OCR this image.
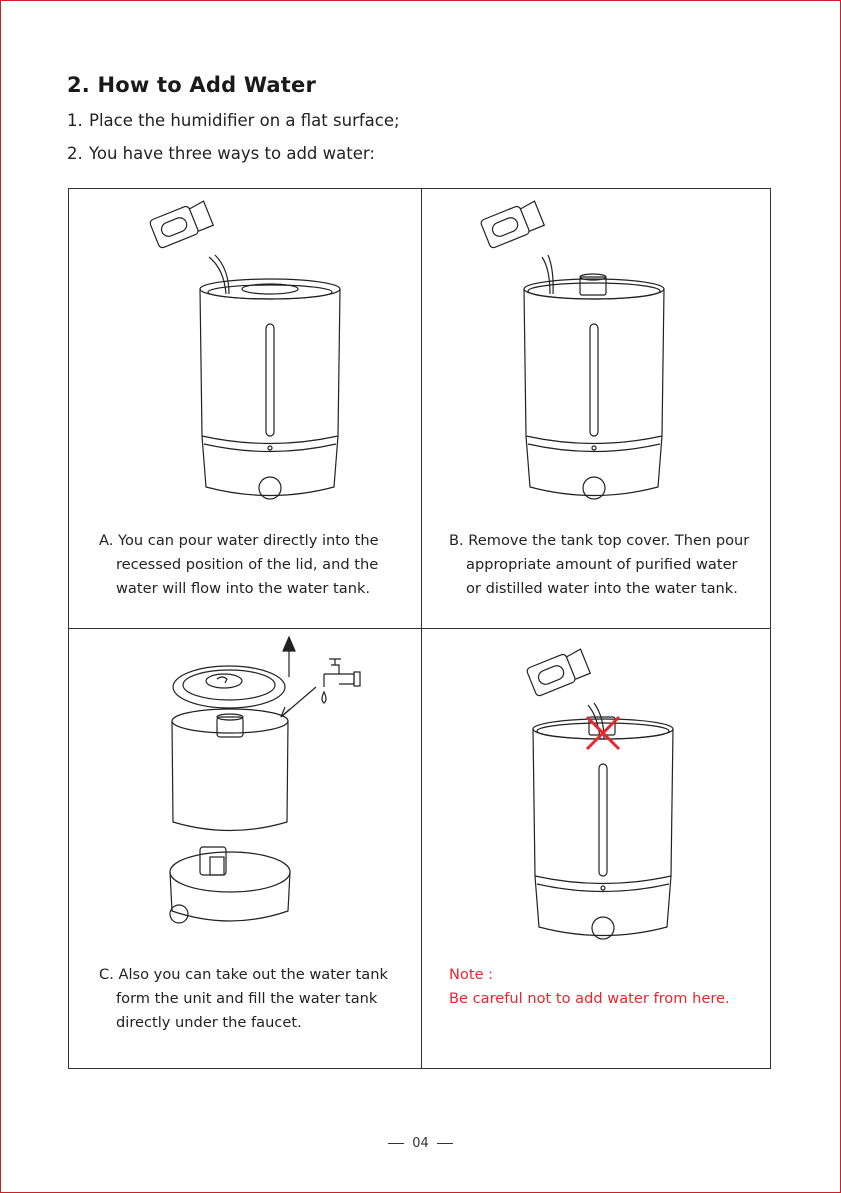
2. How to Add Water
1. Place the humidifier on a flat surface;
2. You have three ways to add water:
A. You can pour water directly into the
recessed position of the lid, and the
water will flow into the water tank.
B. Remove the tank top cover. Then pour
appropriate amount of purified water
or distilled water into the water tank.
C. Also you can take out the water tank
form the unit and fill the water tank
directly under the faucet.
Note :
Be careful not to add water from here.
04
